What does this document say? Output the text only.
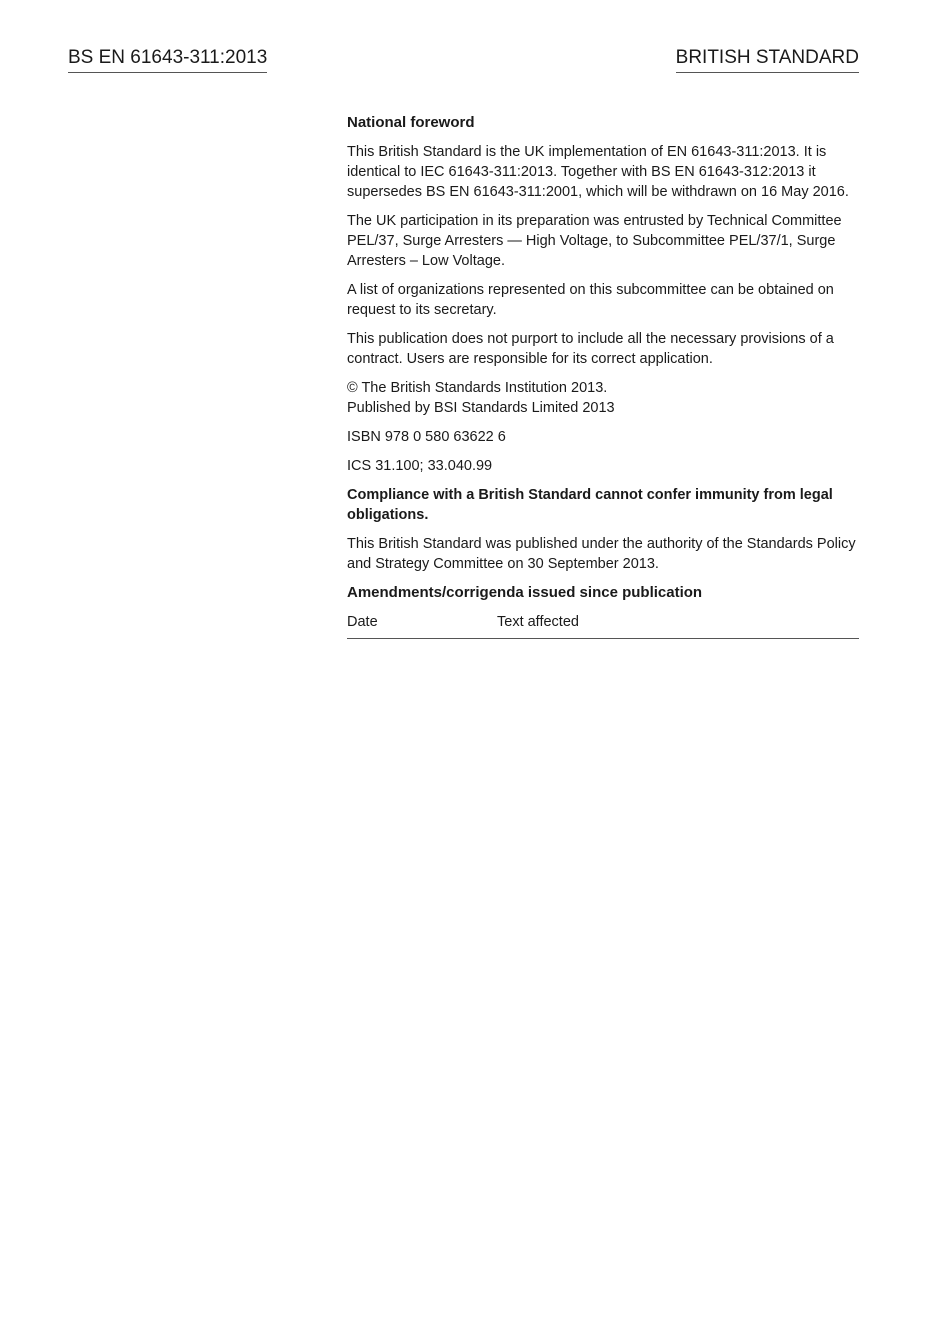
BS EN 61643-311:2013	BRITISH STANDARD
National foreword

This British Standard is the UK implementation of EN 61643-311:2013. It is identical to IEC 61643-311:2013. Together with BS EN 61643-312:2013 it supersedes BS EN 61643-311:2001, which will be withdrawn on 16 May 2016.

The UK participation in its preparation was entrusted by Technical Committee PEL/37, Surge Arresters — High Voltage, to Subcommittee PEL/37/1, Surge Arresters – Low Voltage.

A list of organizations represented on this subcommittee can be obtained on request to its secretary.

This publication does not purport to include all the necessary provisions of a contract. Users are responsible for its correct application.

© The British Standards Institution 2013.
Published by BSI Standards Limited 2013

ISBN 978 0 580 63622 6

ICS 31.100; 33.040.99

Compliance with a British Standard cannot confer immunity from legal obligations.

This British Standard was published under the authority of the Standards Policy and Strategy Committee on 30 September 2013.

Amendments/corrigenda issued since publication
Date	Text affected
